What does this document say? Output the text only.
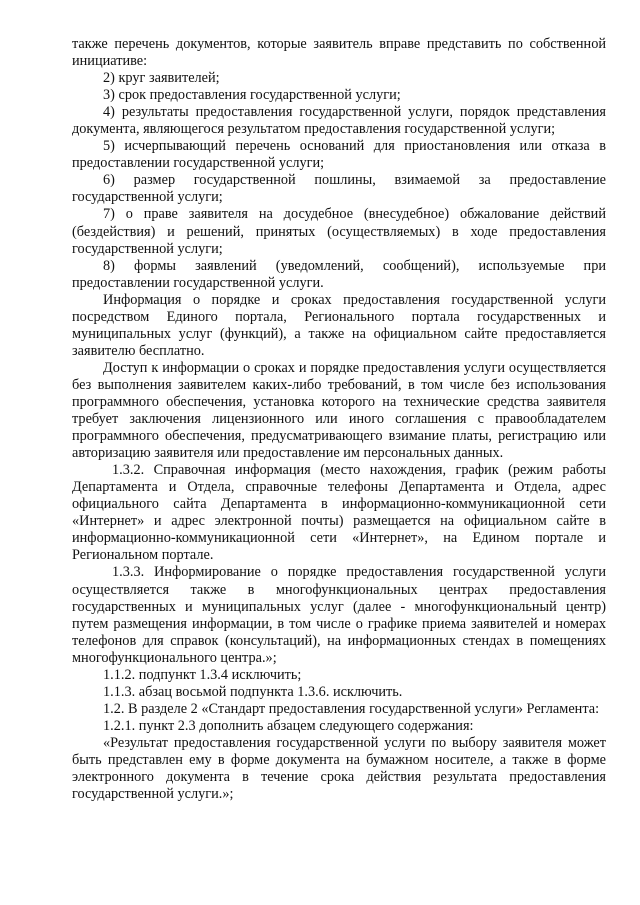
также перечень документов, которые заявитель вправе представить по собственной инициативе:

2) круг заявителей;

3) срок предоставления государственной услуги;

4) результаты предоставления государственной услуги, порядок представления документа, являющегося результатом предоставления государственной услуги;

5) исчерпывающий перечень оснований для приостановления или отказа в предоставлении государственной услуги;

6) размер государственной пошлины, взимаемой за предоставление государственной услуги;

7) о праве заявителя на досудебное (внесудебное) обжалование действий (бездействия) и решений, принятых (осуществляемых) в ходе предоставления государственной услуги;

8) формы заявлений (уведомлений, сообщений), используемые при предоставлении государственной услуги.

Информация о порядке и сроках предоставления государственной услуги посредством Единого портала, Регионального портала государственных и муниципальных услуг (функций), а также на официальном сайте предоставляется заявителю бесплатно.

Доступ к информации о сроках и порядке предоставления услуги осуществляется без выполнения заявителем каких-либо требований, в том числе без использования программного обеспечения, установка которого на технические средства заявителя требует заключения лицензионного или иного соглашения с правообладателем программного обеспечения, предусматривающего взимание платы, регистрацию или авторизацию заявителя или предоставление им персональных данных.

1.3.2. Справочная информация (место нахождения, график (режим работы Департамента и Отдела, справочные телефоны Департамента и Отдела, адрес официального сайта Департамента в информационно-коммуникационной сети «Интернет» и адрес электронной почты) размещается на официальном сайте в информационно-коммуникационной сети «Интернет», на Едином портале и Региональном портале.

1.3.3. Информирование о порядке предоставления государственной услуги осуществляется также в многофункциональных центрах предоставления государственных и муниципальных услуг (далее - многофункциональный центр) путем размещения информации, в том числе о графике приема заявителей и номерах телефонов для справок (консультаций), на информационных стендах в помещениях многофункционального центра.»;

1.1.2. подпункт 1.3.4 исключить;

1.1.3. абзац восьмой подпункта 1.3.6. исключить.

1.2. В разделе 2 «Стандарт предоставления государственной услуги» Регламента:

1.2.1. пункт 2.3 дополнить абзацем следующего содержания:

«Результат предоставления государственной услуги по выбору заявителя может быть представлен ему в форме документа на бумажном носителе, а также в форме электронного документа в течение срока действия результата предоставления государственной услуги.»;
